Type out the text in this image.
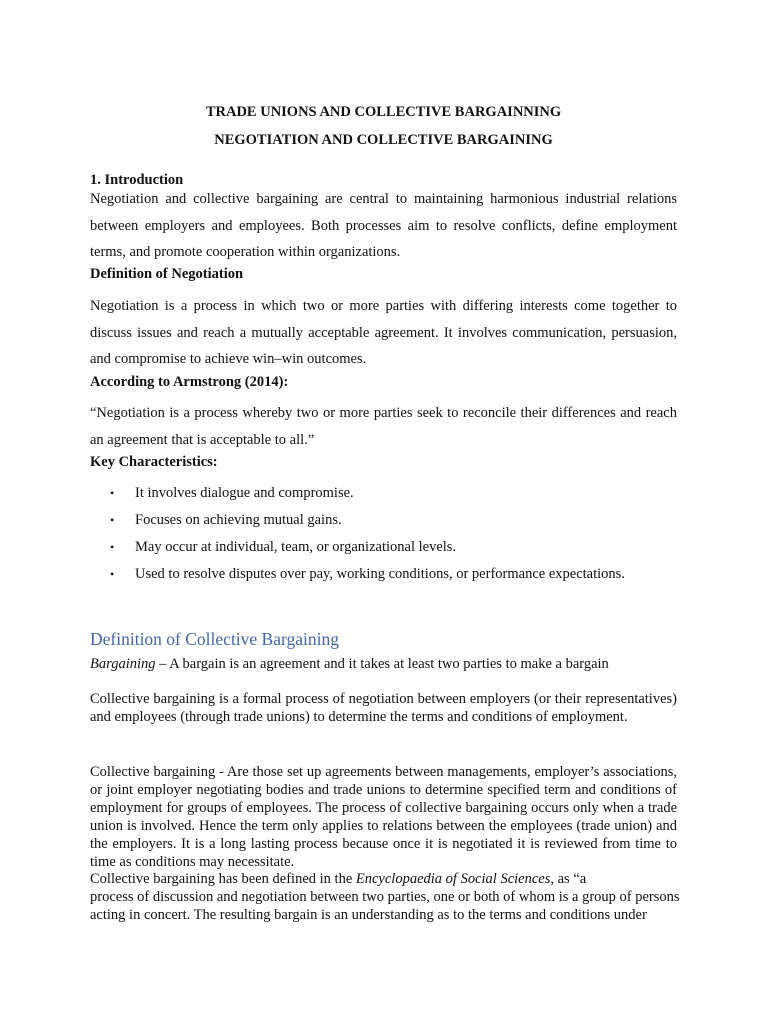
TRADE UNIONS AND COLLECTIVE BARGAINNING
NEGOTIATION AND COLLECTIVE BARGAINING
1. Introduction
Negotiation and collective bargaining are central to maintaining harmonious industrial relations between employers and employees. Both processes aim to resolve conflicts, define employment terms, and promote cooperation within organizations.
Definition of Negotiation
Negotiation is a process in which two or more parties with differing interests come together to discuss issues and reach a mutually acceptable agreement. It involves communication, persuasion, and compromise to achieve win–win outcomes.
According to Armstrong (2014):
“Negotiation is a process whereby two or more parties seek to reconcile their differences and reach an agreement that is acceptable to all.”
Key Characteristics:
• It involves dialogue and compromise.
• Focuses on achieving mutual gains.
• May occur at individual, team, or organizational levels.
• Used to resolve disputes over pay, working conditions, or performance expectations.
Definition of Collective Bargaining
Bargaining – A bargain is an agreement and it takes at least two parties to make a bargain
Collective bargaining is a formal process of negotiation between employers (or their representatives) and employees (through trade unions) to determine the terms and conditions of employment.
Collective bargaining - Are those set up agreements between managements, employer’s associations, or joint employer negotiating bodies and trade unions to determine specified term and conditions of employment for groups of employees. The process of collective bargaining occurs only when a trade union is involved. Hence the term only applies to relations between the employees (trade union) and the employers. It is a long lasting process because once it is negotiated it is reviewed from time to time as conditions may necessitate.
Collective bargaining has been defined in the Encyclopaedia of Social Sciences, as “a
process of discussion and negotiation between two parties, one or both of whom is a group of persons
acting in concert. The resulting bargain is an understanding as to the terms and conditions under
